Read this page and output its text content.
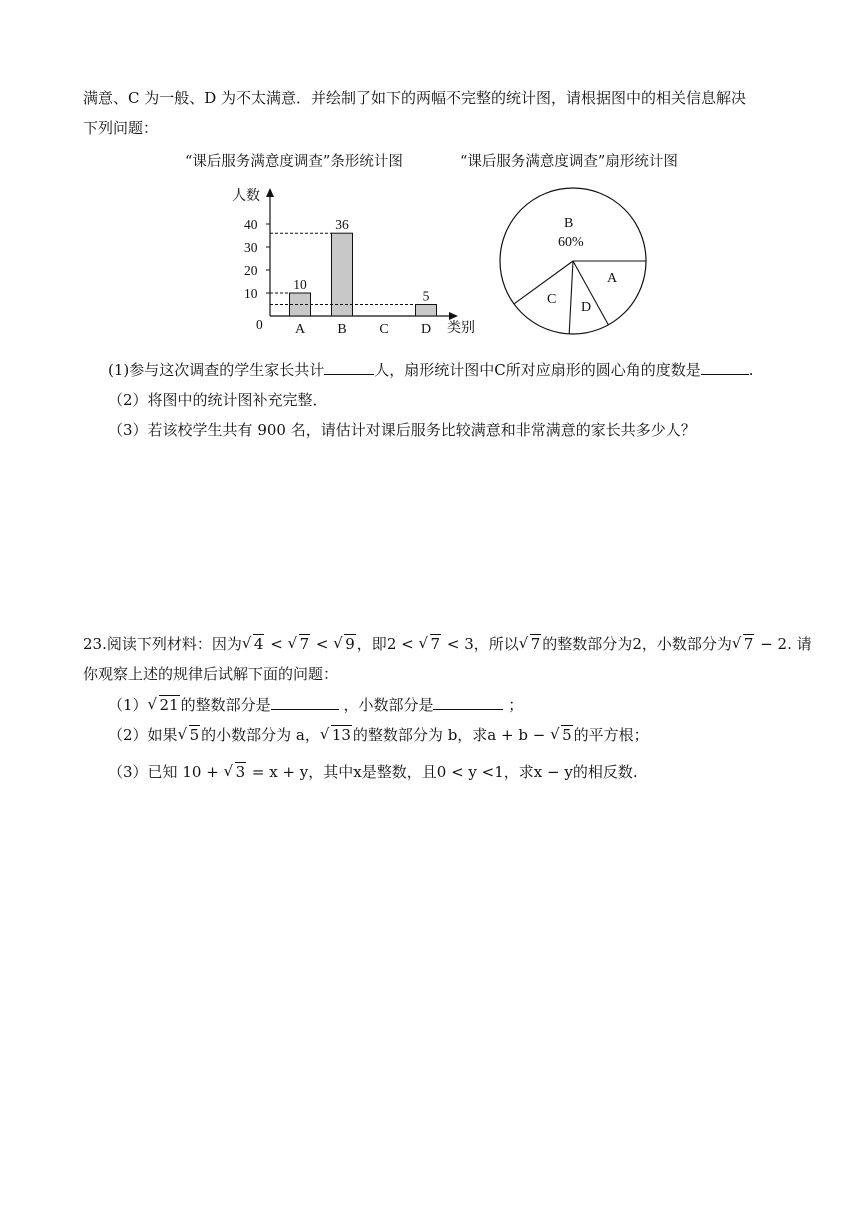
满意、C 为一般、D 为不太满意．并绘制了如下的两幅不完整的统计图，请根据图中的相关信息解决
下列问题：
“课后服务满意度调查”条形统计图	“课后服务满意度调查”扇形统计图
人数
类别
0
10
20
30
40
10
A
36
B C
5
D
B
60%
A
D
C
(1)参与这次调查的学生家长共计	人，扇形统计图中C所对应扇形的圆心角的度数是	.
（2）将图中的统计图补充完整．
（3）若该校学生共有 900 名，请估计对课后服务比较满意和非常满意的家长共多少人？
23.阅读下列材料：因为 √ 4 < √ 7 < √ 9 ，即2 < √ 7 < 3，所以 √ 7 的整数部分为2，小数部分为 √ 7 − 2. 请
你观察上述的规律后试解下面的问题：
（1） √ 21 的整数部分是	，小数部分是	；
（2）如果 √ 5 的小数部分为 a， √ 13 的整数部分为 b，求a + b − √ 5 的平方根；
（3）已知 10 + √ 3 = x + y，其中x是整数，且0 < y <1，求x − y的相反数.
